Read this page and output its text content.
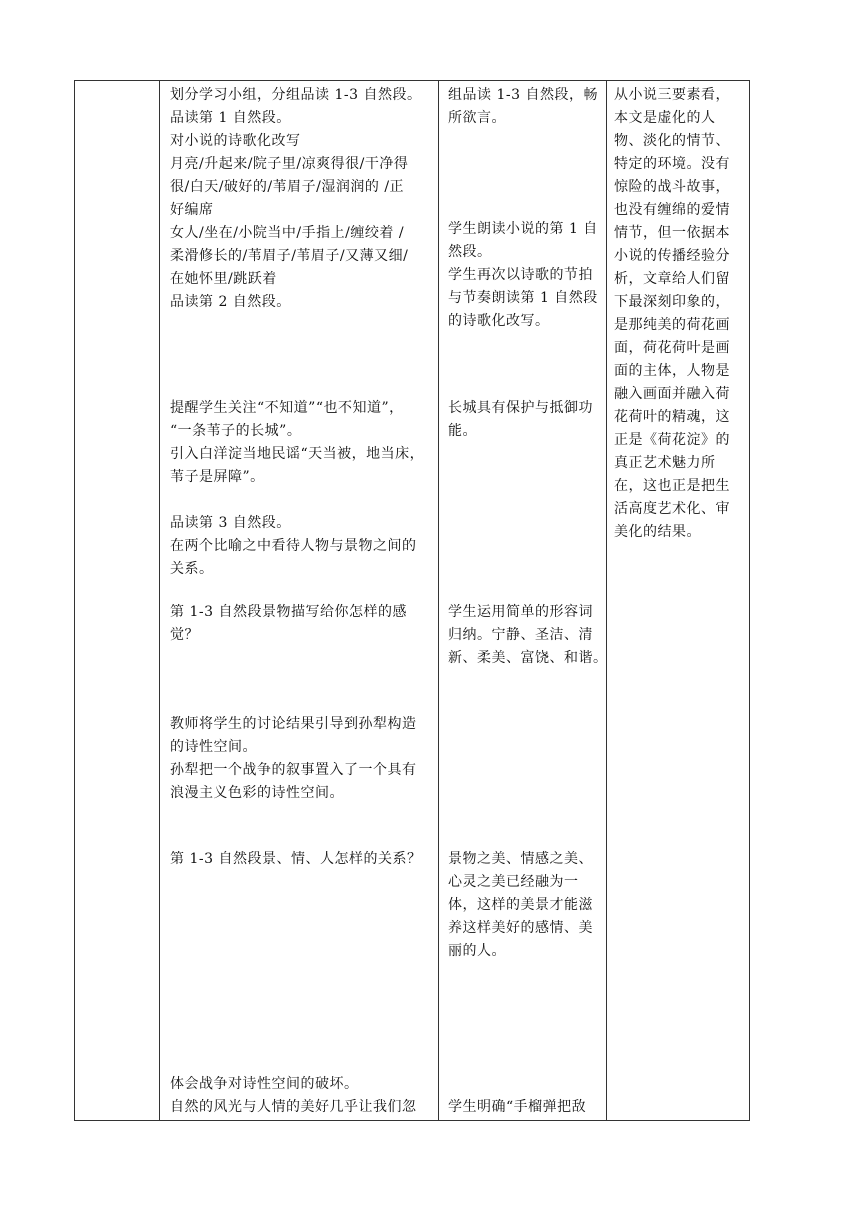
划分学习小组，分组品读 1-3 自然段。

品读第 1 自然段。

对小说的诗歌化改写

月亮/升起来/院子里/凉爽得很/干净得

很/白天/破好的/苇眉子/湿润润的 /正

好编席

女人/坐在/小院当中/手指上/缠绞着 /

柔滑修长的/苇眉子/苇眉子/又薄又细/

在她怀里/跳跃着

品读第 2 自然段。

提醒学生关注“不知道”“也不知道”，

“一条苇子的长城”。

引入白洋淀当地民谣“天当被，地当床，

苇子是屏障”。

品读第 3 自然段。

在两个比喻之中看待人物与景物之间的

关系。

第 1-3 自然段景物描写给你怎样的感

觉？

教师将学生的讨论结果引导到孙犁构造

的诗性空间。

孙犁把一个战争的叙事置入了一个具有

浪漫主义色彩的诗性空间。

第 1-3 自然段景、情、人怎样的关系？

体会战争对诗性空间的破坏。

自然的风光与人情的美好几乎让我们忽

组品读 1-3 自然段，畅

所欲言。

学生朗读小说的第 1 自

然段。

学生再次以诗歌的节拍

与节奏朗读第 1 自然段

的诗歌化改写。

长城具有保护与抵御功

能。

学生运用简单的形容词

归纳。宁静、圣洁、清

新、柔美、富饶、和谐。

景物之美、情感之美、

心灵之美已经融为一

体，这样的美景才能滋

养这样美好的感情、美

丽的人。

学生明确“手榴弹把敌

从小说三要素看，

本文是虚化的人

物、淡化的情节、

特定的环境。没有

惊险的战斗故事，

也没有缠绵的爱情

情节，但一依据本

小说的传播经验分

析，文章给人们留

下最深刻印象的，

是那纯美的荷花画

面，荷花荷叶是画

面的主体，人物是

融入画面并融入荷

花荷叶的精魂，这

正是《荷花淀》的

真正艺术魅力所

在，这也正是把生

活高度艺术化、审

美化的结果。
